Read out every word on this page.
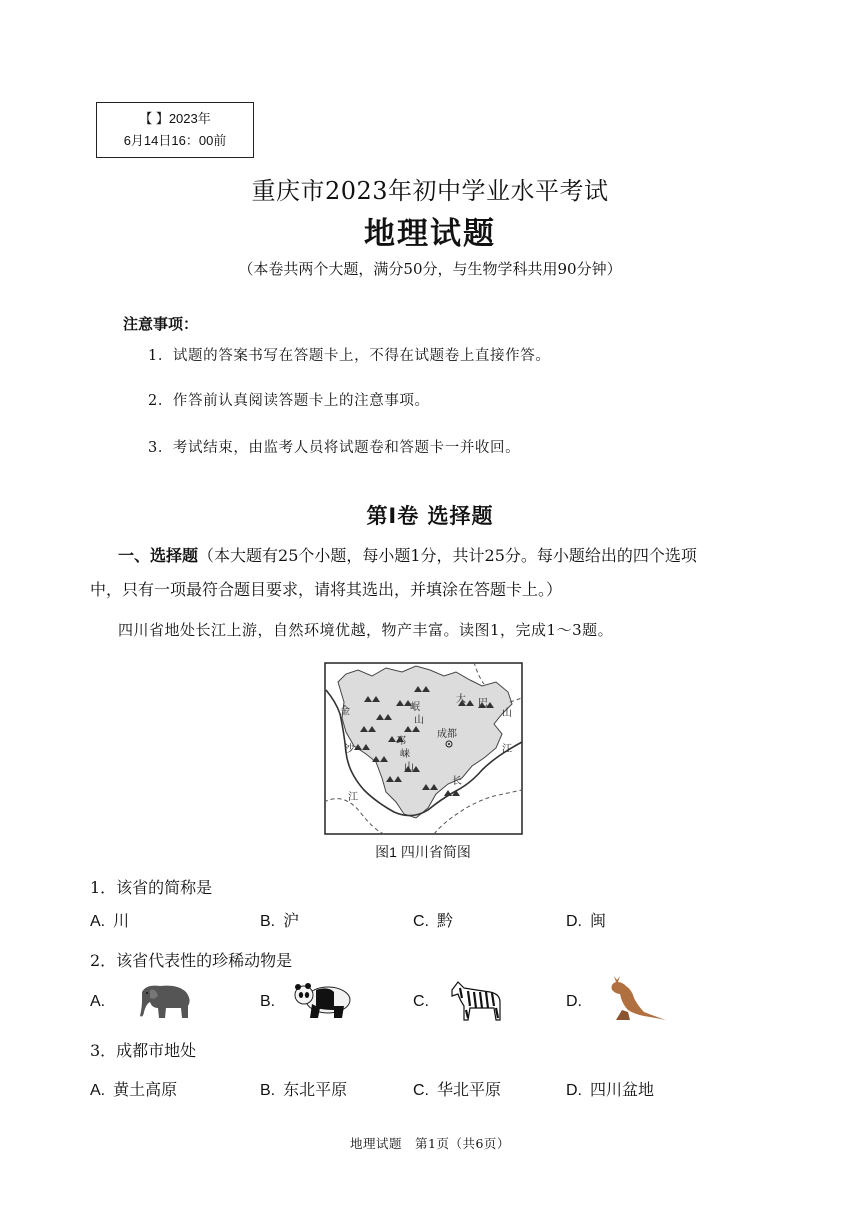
【 】2023年
6月14日16：00前
重庆市2023年初中学业水平考试
地理试题
（本卷共两个大题，满分50分，与生物学科共用90分钟）
注意事项：
1．试题的答案书写在答题卡上，不得在试题卷上直接作答。
2．作答前认真阅读答题卡上的注意事项。
3．考试结束，由监考人员将试题卷和答题卡一并收回。
第Ⅰ卷 选择题
一、选择题（本大题有25个小题，每小题1分，共计25分。每小题给出的四个选项
中，只有一项最符合题目要求，请将其选出，并填涂在答题卡上。）
四川省地处长江上游，自然环境优越，物产丰富。读图1，完成1～3题。
金
沙
江
岷
山
邛
崃
山
成都
大 巴
山
长
江
图1 四川省简图
1．该省的简称是
A. 川	B. 沪	C. 黔	D. 闽
2．该省代表性的珍稀动物是
A.	B.	C.	D.
3．成都市地处
A. 黄土高原	B. 东北平原	C. 华北平原	D. 四川盆地
地理试题　第1页（共6页）
